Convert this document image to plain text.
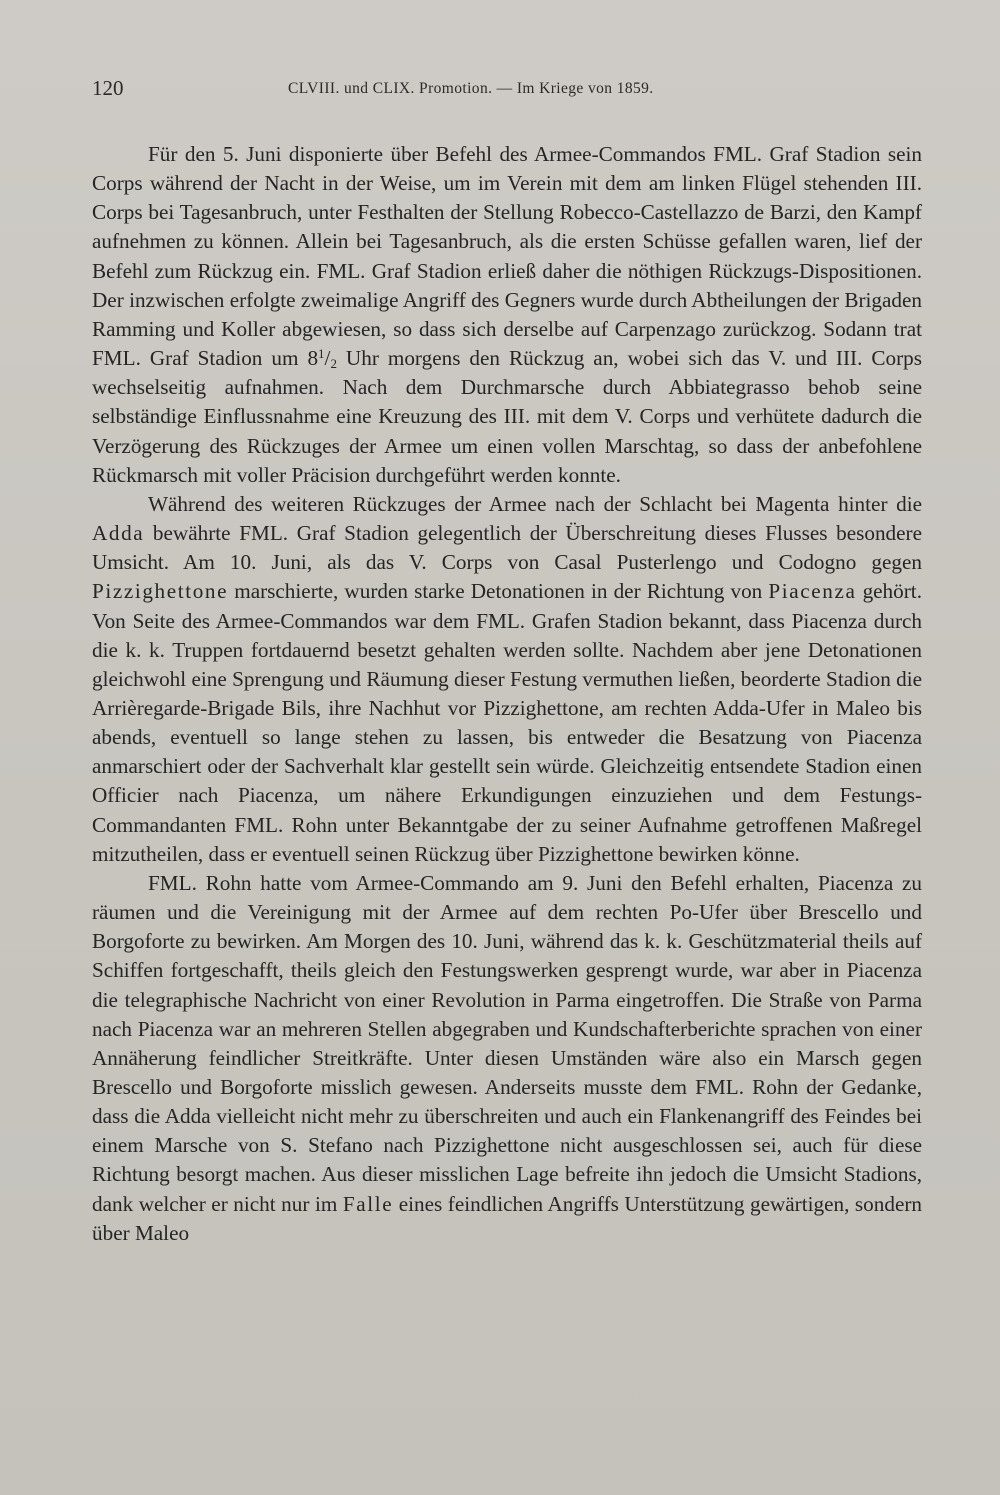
120	CLVIII. und CLIX. Promotion. — Im Kriege von 1859.

Für den 5. Juni disponierte über Befehl des Armee-Commandos FML. Graf Stadion sein Corps während der Nacht in der Weise, um im Verein mit dem am linken Flügel stehenden III. Corps bei Tagesanbruch, unter Festhalten der Stellung Robecco-Castellazzo de Barzi, den Kampf aufnehmen zu können. Allein bei Tagesanbruch, als die ersten Schüsse gefallen waren, lief der Befehl zum Rückzug ein. FML. Graf Stadion erließ daher die nöthigen Rückzugs-Dispositionen. Der inzwischen erfolgte zweimalige Angriff des Gegners wurde durch Abtheilungen der Brigaden Ramming und Koller abgewiesen, so dass sich derselbe auf Carpenzago zurückzog. Sodann trat FML. Graf Stadion um $8^1/_2$ Uhr morgens den Rückzug an, wobei sich das V. und III. Corps wechselseitig aufnahmen. Nach dem Durchmarsche durch Abbiategrasso behob seine selbständige Einflussnahme eine Kreuzung des III. mit dem V. Corps und verhütete dadurch die Verzögerung des Rückzuges der Armee um einen vollen Marschtag, so dass der anbefohlene Rückmarsch mit voller Präcision durchgeführt werden konnte.

Während des weiteren Rückzuges der Armee nach der Schlacht bei Magenta hinter die Adda bewährte FML. Graf Stadion gelegentlich der Überschreitung dieses Flusses besondere Umsicht. Am 10. Juni, als das V. Corps von Casal Pusterlengo und Codogno gegen Pizzighettone marschierte, wurden starke Detonationen in der Richtung von Piacenza gehört. Von Seite des Armee-Commandos war dem FML. Grafen Stadion bekannt, dass Piacenza durch die k. k. Truppen fortdauernd besetzt gehalten werden sollte. Nachdem aber jene Detonationen gleichwohl eine Sprengung und Räumung dieser Festung vermuthen ließen, beorderte Stadion die Arrièregarde-Brigade Bils, ihre Nachhut vor Pizzighettone, am rechten Adda-Ufer in Maleo bis abends, eventuell so lange stehen zu lassen, bis entweder die Besatzung von Piacenza anmarschiert oder der Sachverhalt klar gestellt sein würde. Gleichzeitig entsendete Stadion einen Officier nach Piacenza, um nähere Erkundigungen einzuziehen und dem Festungs-Commandanten FML. Rohn unter Bekanntgabe der zu seiner Aufnahme getroffenen Maßregel mitzutheilen, dass er eventuell seinen Rückzug über Pizzighettone bewirken könne.

FML. Rohn hatte vom Armee-Commando am 9. Juni den Befehl erhalten, Piacenza zu räumen und die Vereinigung mit der Armee auf dem rechten Po-Ufer über Brescello und Borgoforte zu bewirken. Am Morgen des 10. Juni, während das k. k. Geschützmaterial theils auf Schiffen fortgeschafft, theils gleich den Festungswerken gesprengt wurde, war aber in Piacenza die telegraphische Nachricht von einer Revolution in Parma eingetroffen. Die Straße von Parma nach Piacenza war an mehreren Stellen abgegraben und Kundschafterberichte sprachen von einer Annäherung feindlicher Streitkräfte. Unter diesen Umständen wäre also ein Marsch gegen Brescello und Borgoforte misslich gewesen. Anderseits musste dem FML. Rohn der Gedanke, dass die Adda vielleicht nicht mehr zu überschreiten und auch ein Flankenangriff des Feindes bei einem Marsche von S. Stefano nach Pizzighettone nicht ausgeschlossen sei, auch für diese Richtung besorgt machen. Aus dieser misslichen Lage befreite ihn jedoch die Umsicht Stadions, dank welcher er nicht nur im Falle eines feindlichen Angriffs Unterstützung gewärtigen, sondern über Maleo
